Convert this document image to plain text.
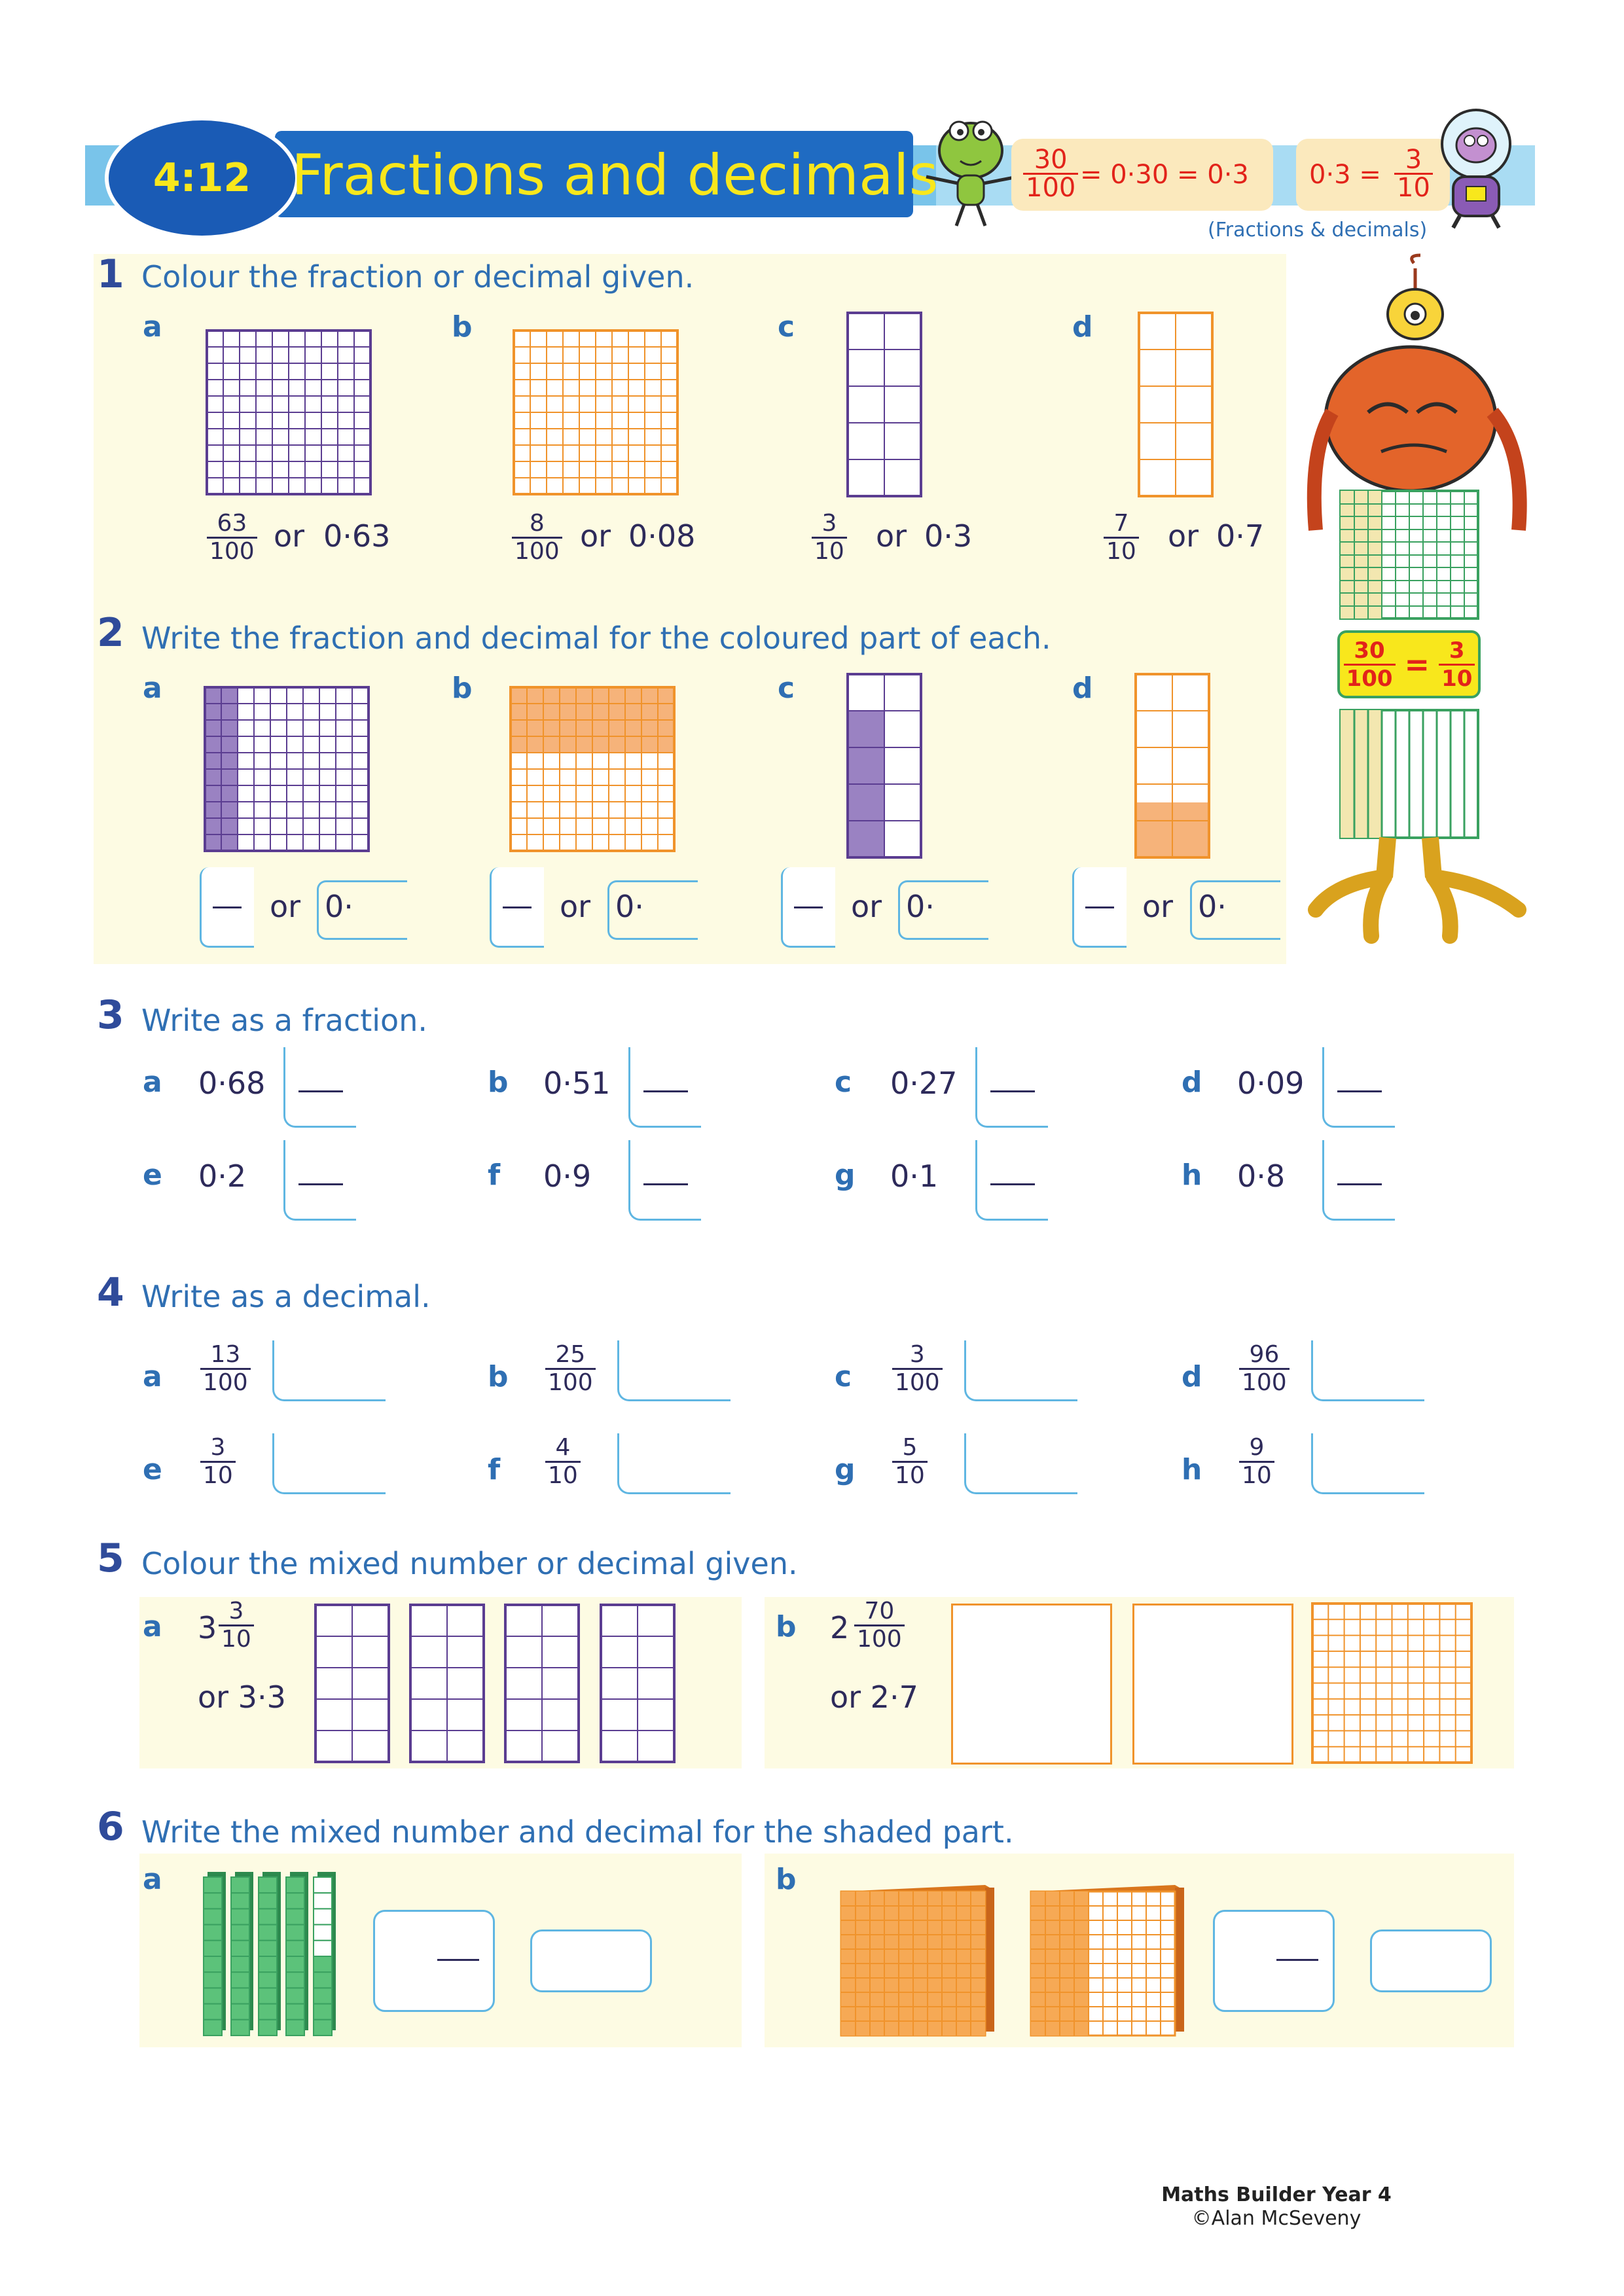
4:12 Fractions and decimals	$\frac{30}{100} = 0\cdot 30 = 0\cdot 3$ $0\cdot 3 = \frac{3}{10}$
(Fractions & decimals)
1 Colour the fraction or decimal given.
a	b	c	d
$\frac{63}{100}$ or 0·63	$\frac{8}{100}$ or 0·08	$\frac{3}{10}$ or 0·3	$\frac{7}{10}$ or 0·7
2 Write the fraction and decimal for the coloured part of each.
a	b	c	d
or 0·	or 0·	or 0·	or 0·
$\frac{30}{100} = \frac{3}{10}$
3 Write as a fraction.
a 0·68	b 0·51	c 0·27	d 0·09
e 0·2	f 0·9	g 0·1	h 0·8
4 Write as a decimal.
a $\frac{13}{100}$	b $\frac{25}{100}$	c $\frac{3}{100}$	d $\frac{96}{100}$
e $\frac{3}{10}$	f $\frac{4}{10}$	g $\frac{5}{10}$	h $\frac{9}{10}$
5 Colour the mixed number or decimal given.
a $3 \frac{3}{10}$
or 3·3
b $2 \frac{70}{100}$
or 2·7
6 Write the mixed number and decimal for the shaded part.
a	b
Maths Builder Year 4
©Alan McSeveny
